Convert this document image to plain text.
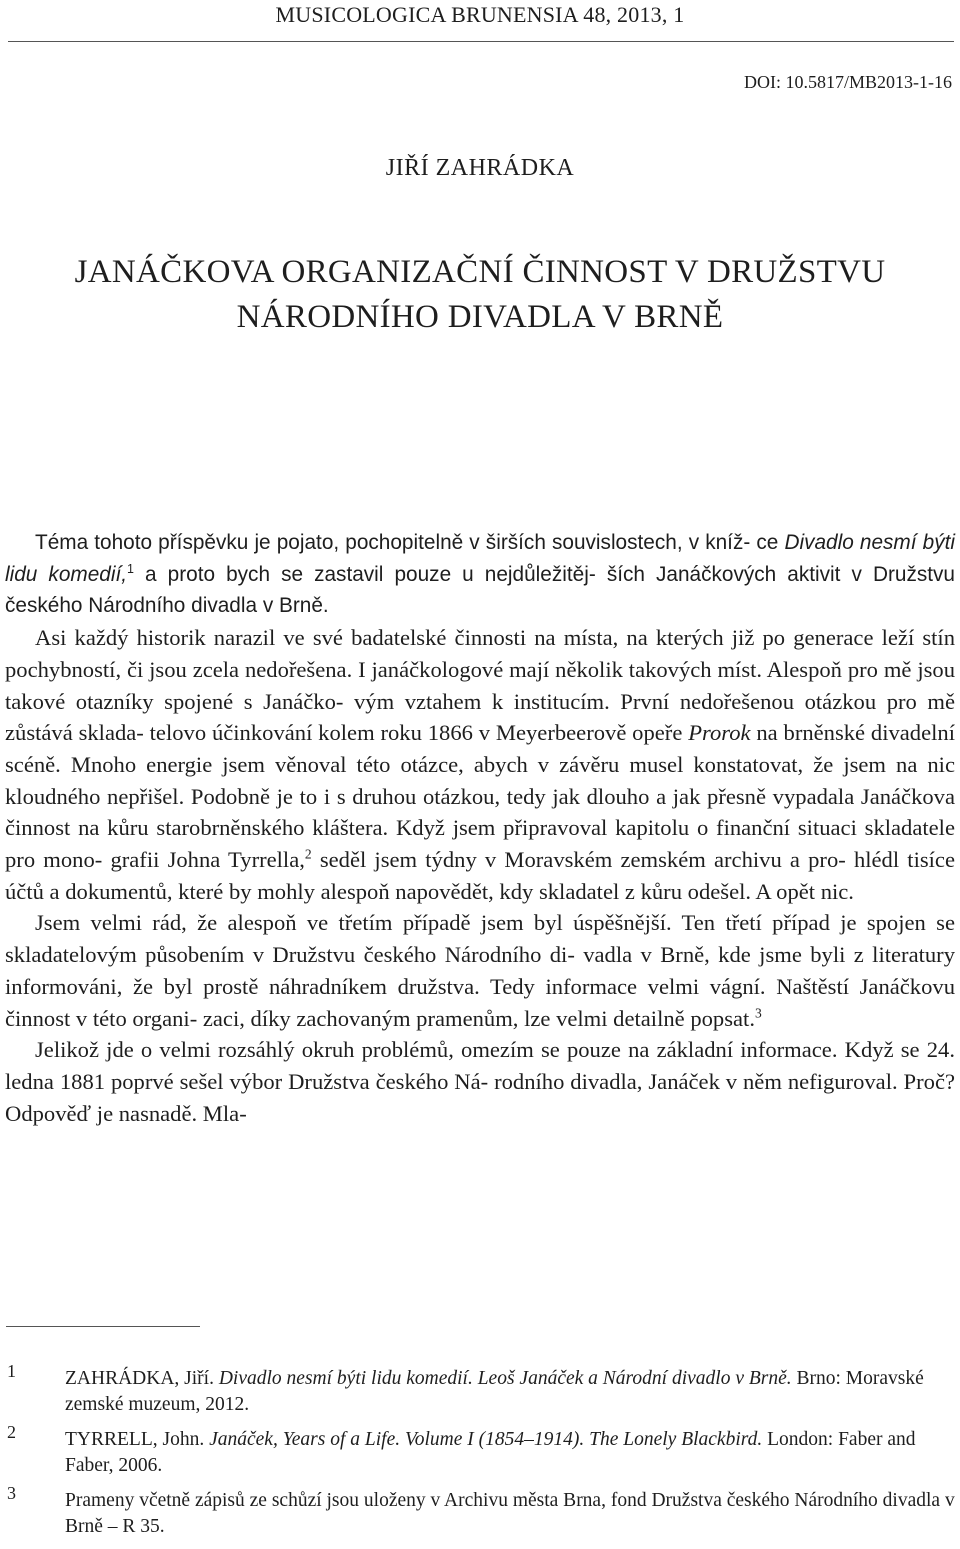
MUSICOLOGICA BRUNENSIA 48, 2013, 1
DOI: 10.5817/MB2013-1-16
JIŘÍ ZAHRÁDKA
JANÁČKOVA ORGANIZAČNÍ ČINNOST V DRUŽSTVU
NÁRODNÍHO DIVADLA V BRNĚ

Téma tohoto příspěvku je pojato, pochopitelně v širších souvislostech, v kníž- ce Divadlo nesmí býti lidu komedií,$^1$ a proto bych se zastavil pouze u nejdůležitěj- ších Janáčkových aktivit v Družstvu českého Národního divadla v Brně.

Asi každý historik narazil ve své badatelské činnosti na místa, na kterých již po generace leží stín pochybností, či jsou zcela nedořešena. I janáčkologové mají několik takových míst. Alespoň pro mě jsou takové otazníky spojené s Janáčko- vým vztahem k institucím. První nedořešenou otázkou pro mě zůstává sklada- telovo účinkování kolem roku 1866 v Meyerbeerově opeře Prorok na brněnské divadelní scéně. Mnoho energie jsem věnoval této otázce, abych v závěru musel konstatovat, že jsem na nic kloudného nepřišel. Podobně je to i s druhou otázkou, tedy jak dlouho a jak přesně vypadala Janáčkova činnost na kůru starobrněnského kláštera. Když jsem připravoval kapitolu o finanční situaci skladatele pro mono- grafii Johna Tyrrella,$^2$ seděl jsem týdny v Moravském zemském archivu a pro- hlédl tisíce účtů a dokumentů, které by mohly alespoň napovědět, kdy skladatel z kůru odešel. A opět nic.

Jsem velmi rád, že alespoň ve třetím případě jsem byl úspěšnější. Ten třetí případ je spojen se skladatelovým působením v Družstvu českého Národního di- vadla v Brně, kde jsme byli z literatury informováni, že byl prostě náhradníkem družstva. Tedy informace velmi vágní. Naštěstí Janáčkovu činnost v této organi- zaci, díky zachovaným pramenům, lze velmi detailně popsat.$^3$

Jelikož jde o velmi rozsáhlý okruh problémů, omezím se pouze na základní informace. Když se 24. ledna 1881 poprvé sešel výbor Družstva českého Ná- rodního divadla, Janáček v něm nefiguroval. Proč? Odpověď je nasnadě. Mla-

1	ZAHRÁDKA, Jiří. Divadlo nesmí býti lidu komedií. Leoš Janáček a Národní divadlo v Brně. Brno: Moravské zemské muzeum, 2012.
2	TYRRELL, John. Janáček, Years of a Life. Volume I (1854–1914). The Lonely Blackbird. London: Faber and Faber, 2006.
3	Prameny včetně zápisů ze schůzí jsou uloženy v Archivu města Brna, fond Družstva českého Národního divadla v Brně – R 35.
